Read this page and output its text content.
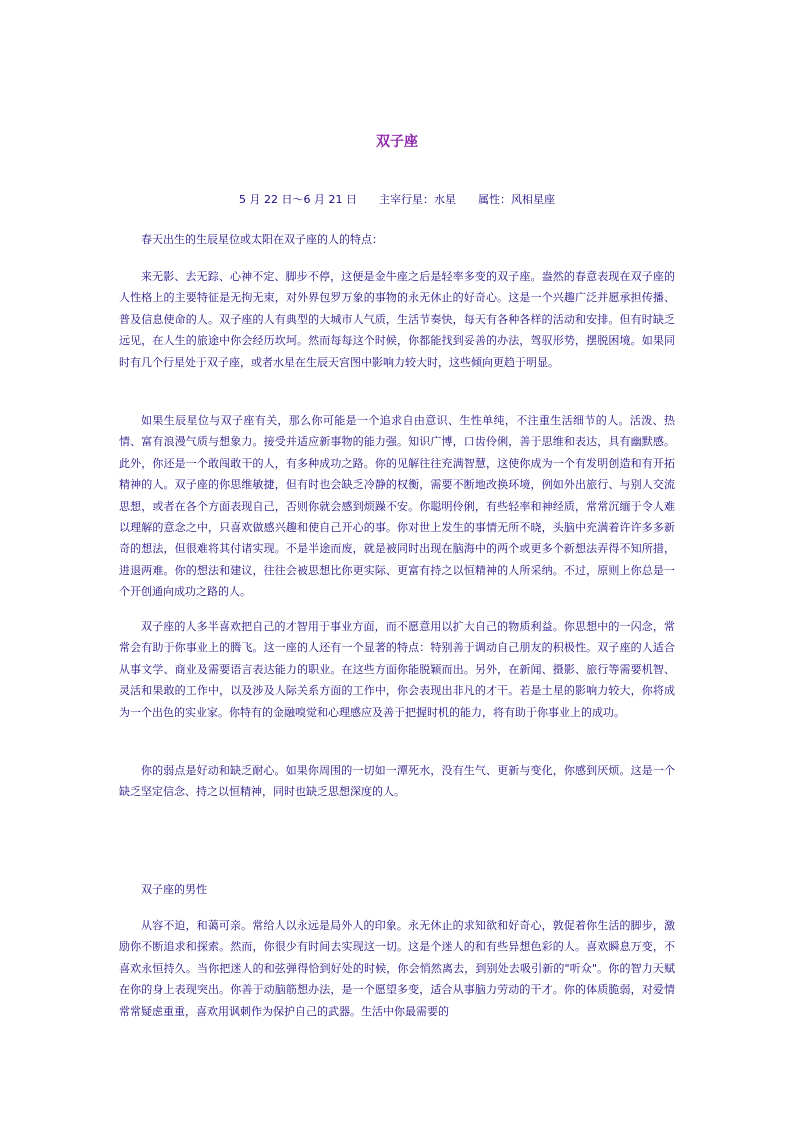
双子座
5 月 22 日～6 月 21 日 主宰行星：水星 属性：风相星座

春天出生的生辰星位或太阳在双子座的人的特点：

来无影、去无踪、心神不定、脚步不停，这便是金牛座之后是轻率多变的双子座。盎然的春意表现在双子座的人性格上的主要特征是无拘无束，对外界包罗万象的事物的永无休止的好奇心。这是一个兴趣广泛并愿承担传播、普及信息使命的人。双子座的人有典型的大城市人气质，生活节奏快，每天有各种各样的活动和安排。但有时缺乏远见，在人生的旅途中你会经历坎坷。然而每每这个时候，你都能找到妥善的办法，驾驭形势，摆脱困境。如果同时有几个行星处于双子座，或者水星在生辰天宫图中影响力较大时，这些倾向更趋于明显。

如果生辰星位与双子座有关，那么你可能是一个追求自由意识、生性单纯，不注重生活细节的人。活泼、热情、富有浪漫气质与想象力。接受并适应新事物的能力强。知识广博，口齿伶俐，善于思维和表达，具有幽默感。此外，你还是一个敢闯敢干的人，有多种成功之路。你的见解往往充满智慧，这使你成为一个有发明创造和有开拓精神的人。双子座的你思维敏捷，但有时也会缺乏冷静的权衡，需要不断地改换环境，例如外出旅行、与别人交流思想，或者在各个方面表现自己，否则你就会感到烦躁不安。你聪明伶俐，有些轻率和神经质，常常沉缅于令人难以理解的意念之中，只喜欢做感兴趣和使自己开心的事。你对世上发生的事情无所不晓，头脑中充满着许许多多新奇的想法，但很难将其付诸实现。不是半途而废，就是被同时出现在脑海中的两个或更多个新想法弄得不知所措，进退两难。你的想法和建议，往往会被思想比你更实际、更富有持之以恒精神的人所采纳。不过，原则上你总是一个开创通向成功之路的人。

双子座的人多半喜欢把自己的才智用于事业方面，而不愿意用以扩大自己的物质利益。你思想中的一闪念，常常会有助于你事业上的腾飞。这一座的人还有一个显著的特点：特别善于调动自己朋友的积极性。双子座的人适合从事文学、商业及需要语言表达能力的职业。在这些方面你能脱颖而出。另外，在新闻、摄影、旅行等需要机智、灵活和果敢的工作中，以及涉及人际关系方面的工作中，你会表现出非凡的才干。若是土星的影响力较大，你将成为一个出色的实业家。你特有的金融嗅觉和心理感应及善于把握时机的能力，将有助于你事业上的成功。

你的弱点是好动和缺乏耐心。如果你周围的一切如一潭死水，没有生气、更新与变化，你感到厌烦。这是一个缺乏坚定信念、持之以恒精神，同时也缺乏思想深度的人。

双子座的男性

从容不迫，和蔼可亲。常给人以永远是局外人的印象。永无休止的求知欲和好奇心，敦促着你生活的脚步，激励你不断追求和探索。然而，你很少有时间去实现这一切。这是个迷人的和有些异想色彩的人。喜欢瞬息万变，不喜欢永恒持久。当你把迷人的和弦弹得恰到好处的时候，你会悄然离去，到别处去吸引新的"听众"。你的智力天赋在你的身上表现突出。你善于动脑筋想办法，是一个愿望多变，适合从事脑力劳动的干才。你的体质脆弱，对爱情常常疑虑重重，喜欢用讽刺作为保护自己的武器。生活中你最需要的
